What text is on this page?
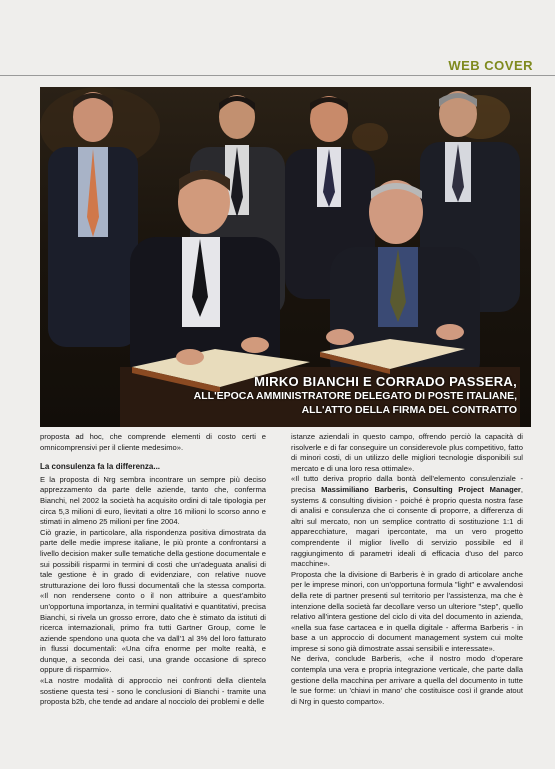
WEB COVER
MIRKO BIANCHI E CORRADO PASSERA,
ALL'EPOCA AMMINISTRATORE DELEGATO DI POSTE ITALIANE,
ALL'ATTO DELLA FIRMA DEL CONTRATTO

proposta ad hoc, che comprende elementi di costo certi e omnicomprensivi per il cliente medesimo».

La consulenza fa la differenza...

E la proposta di Nrg sembra incontrare un sempre più deciso apprezzamento da parte delle aziende, tanto che, conferma Bianchi, nel 2002 la società ha acquisito ordini di tale tipologia per circa 5,3 milioni di euro, lievitati a oltre 16 milioni lo scorso anno e stimati in almeno 25 milioni per fine 2004.

Ciò grazie, in particolare, alla rispondenza positiva dimostrata da parte delle medie imprese italiane, le più pronte a confrontarsi a livello decision maker sulle tematiche della gestione documentale e sui possibili risparmi in termini di costi che un'adeguata analisi di tale gestione è in grado di evidenziare, con relative nuove strutturazione dei loro flussi documentali che la stessa comporta. «Il non rendersene conto o il non attribuire a quest'ambito un'opportuna importanza, in termini qualitativi e quantitativi, precisa Bianchi, si rivela un grosso errore, dato che è stimato da istituti di ricerca internazionali, primo fra tutti Gartner Group, come le aziende spendono una quota che va dall'1 al 3% del loro fatturato in flussi documentali: «Una cifra enorme per molte realtà, e dunque, a seconda dei casi, una grande occasione di spreco oppure di risparmio».

«La nostre modalità di approccio nei confronti della clientela sostiene questa tesi - sono le conclusioni di Bianchi - tramite una proposta b2b, che tende ad andare al nocciolo dei problemi e delle

istanze aziendali in questo campo, offrendo perciò la capacità di risolverle e di far conseguire un considerevole plus competitivo, fatto di minori costi, di un utilizzo delle migliori tecnologie disponibili sul mercato e di una loro resa ottimale».

«Il tutto deriva proprio dalla bontà dell'elemento consulenziale - precisa Massimiliano Barberis, Consulting Project Manager, systems & consulting division - poiché è proprio questa nostra fase di analisi e consulenza che ci consente di proporre, a differenza di altri sul mercato, non un semplice contratto di sostituzione 1:1 di apparecchiature, magari ipercontate, ma un vero progetto comprendente il miglior livello di servizio possibile ed il raggiungimento di parametri ideali di efficacia d'uso del parco macchine».

Proposta che la divisione di Barberis è in grado di articolare anche per le imprese minori, con un'opportuna formula "light" e avvalendosi della rete di partner presenti sul territorio per l'assistenza, ma che è intenzione della società far decollare verso un ulteriore "step", quello relativo all'intera gestione del ciclo di vita del documento in azienda, «nella sua fase cartacea e in quella digitale - afferma Barberis - in base a un approccio di document management system cui molte imprese si sono già dimostrate assai sensibili e interessate».

Ne deriva, conclude Barberis, «che il nostro modo d'operare contempla una vera e propria integrazione verticale, che parte dalla gestione della macchina per arrivare a quella del documento in tutte le sue forme: un 'chiavi in mano' che costituisce così il grande atout di Nrg in questo comparto».
